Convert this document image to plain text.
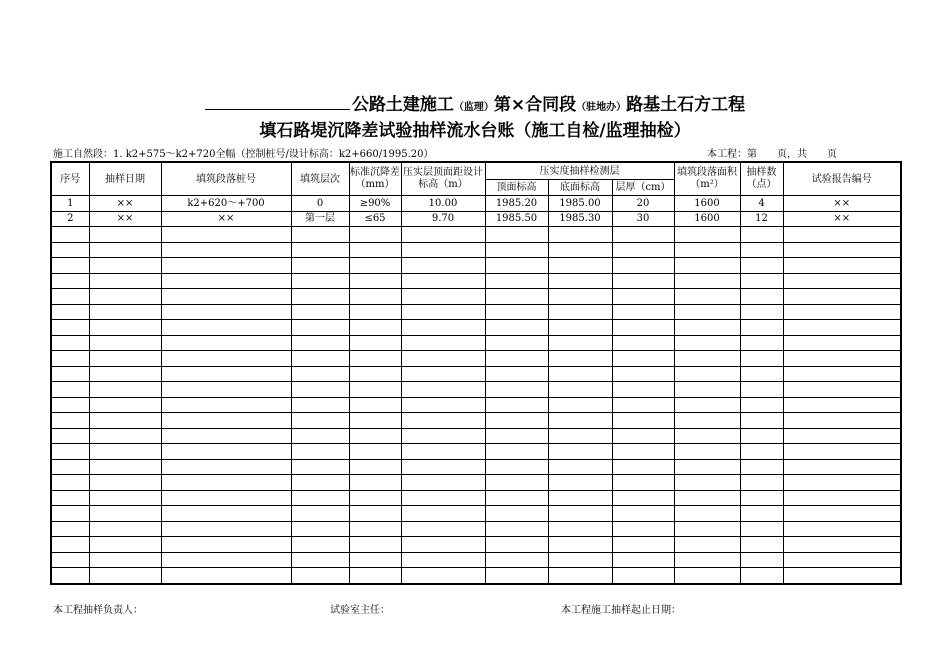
公路土建施工（监理）第×合同段（驻地办）路基土石方工程
填石路堤沉降差试验抽样流水台账（施工自检/监理抽检）
施工自然段：1. k2+575～k2+720全幅（控制桩号/设计标高：k2+660/1995.20）	本工程：第　　页，共　　页
序号	抽样日期	填筑段落桩号	填筑层次	标准沉降差（mm）	压实层顶面距设计标高（m）	压实度抽样检测层			填筑段落面积（m²）	抽样数（点）	试验报告编号
						顶面标高	底面标高	层厚（cm）			
1	××	k2+620～+700	0	≥90%	10.00	1985.20	1985.00	20	1600	4	××
2	××	××	第一层	≤65	9.70	1985.50	1985.30	30	1600	12	××

本工程抽样负责人：	试验室主任：	本工程施工抽样起止日期：
